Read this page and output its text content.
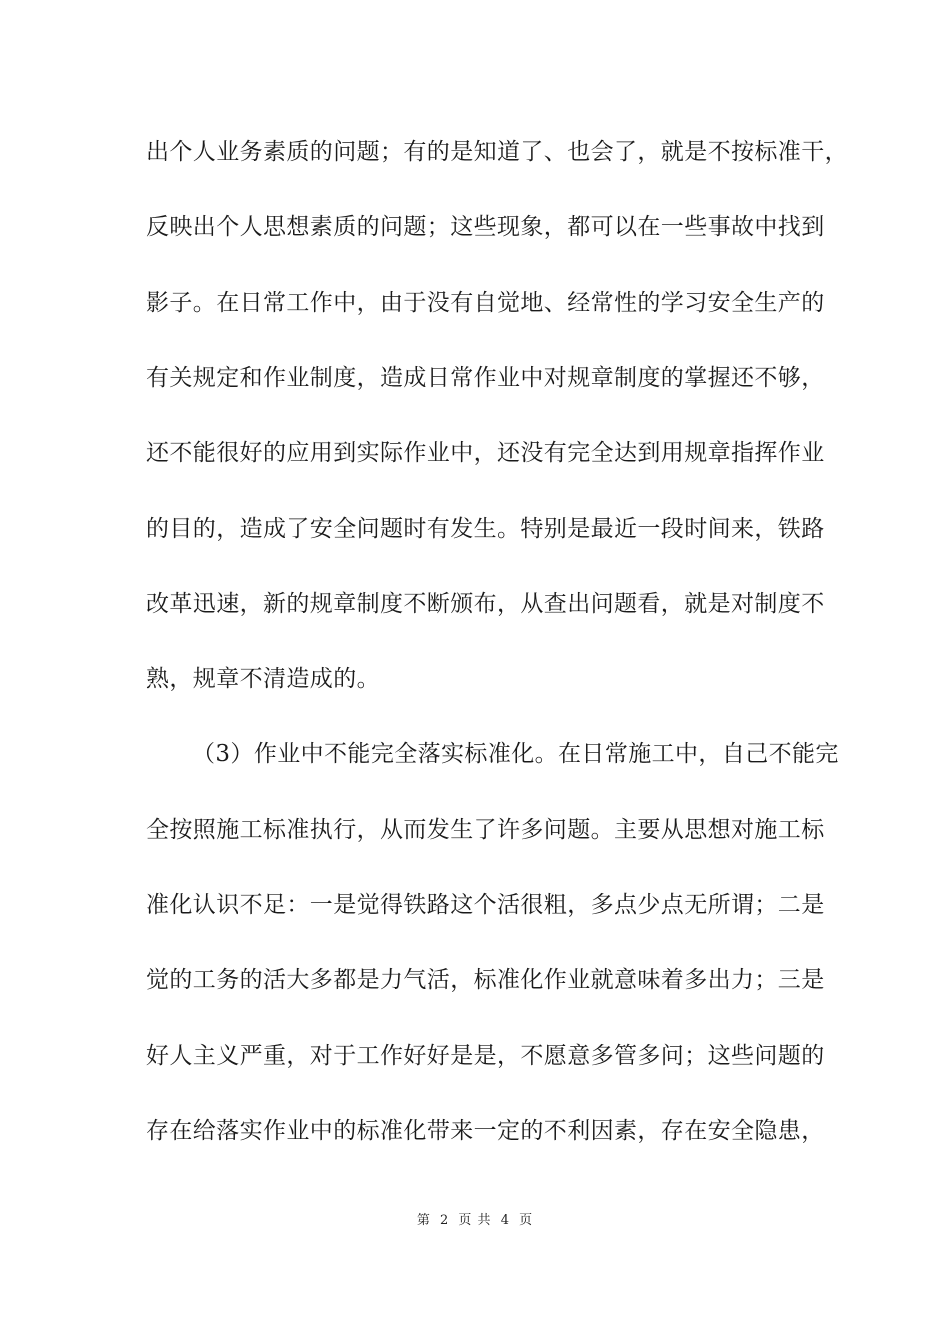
出个人业务素质的问题；有的是知道了、也会了，就是不按标准干，
反映出个人思想素质的问题；这些现象，都可以在一些事故中找到
影子。在日常工作中，由于没有自觉地、经常性的学习安全生产的
有关规定和作业制度，造成日常作业中对规章制度的掌握还不够，
还不能很好的应用到实际作业中，还没有完全达到用规章指挥作业
的目的，造成了安全问题时有发生。特别是最近一段时间来，铁路
改革迅速，新的规章制度不断颁布，从查出问题看，就是对制度不
熟，规章不清造成的。
（3）作业中不能完全落实标准化。在日常施工中，自己不能完
全按照施工标准执行，从而发生了许多问题。主要从思想对施工标
准化认识不足：一是觉得铁路这个活很粗，多点少点无所谓；二是
觉的工务的活大多都是力气活，标准化作业就意味着多出力；三是
好人主义严重，对于工作好好是是，不愿意多管多问；这些问题的
存在给落实作业中的标准化带来一定的不利因素，存在安全隐患，
第 2 页 共 4 页
